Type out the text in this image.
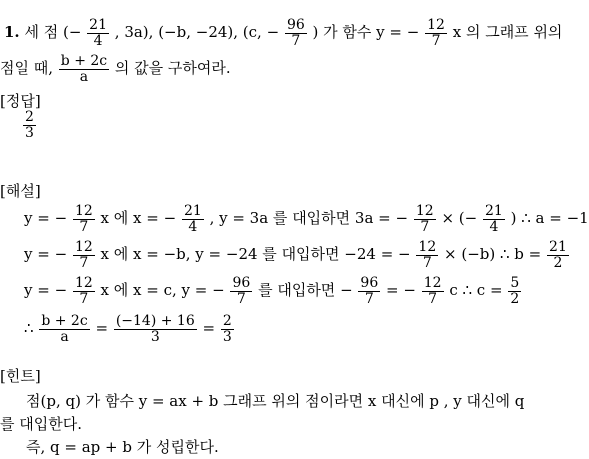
1. 세 점 (− $\frac{21}{4}$ , 3a), (−b, −24), (c, − $\frac{96}{7}$ ) 가 함수 y = − $\frac{12}{7}$ x 의 그래프 위의
점일 때, $\frac{b + 2c}{a}$ 의 값을 구하여라.
[정답]
$\frac{2}{3}$
[해설]
y = − $\frac{12}{7}$ x 에 x = − $\frac{21}{4}$ , y = 3a 를 대입하면 3a = − $\frac{12}{7}$ × (− $\frac{21}{4}$ ) ∴ a = −1
y = − $\frac{12}{7}$ x 에 x = −b, y = −24 를 대입하면 −24 = − $\frac{12}{7} \times (-b)$ ∴ $b = \frac{21}{2}$
y = − $\frac{12}{7}$ x 에 x = c, y = − $\frac{96}{7}$ 를 대입하면 − $\frac{96}{7}$ = − $\frac{12}{7}$ c ∴ $c = \frac{5}{2}$
∴ $\frac{b + 2c}{a} = \frac{(-14) + 16}{3} = \frac{2}{3}$
[힌트]
점(p, q) 가 함수 y = ax + b 그래프 위의 점이라면 x 대신에 p , y 대신에 q
를 대입한다.
즉, q = ap + b 가 성립한다.
